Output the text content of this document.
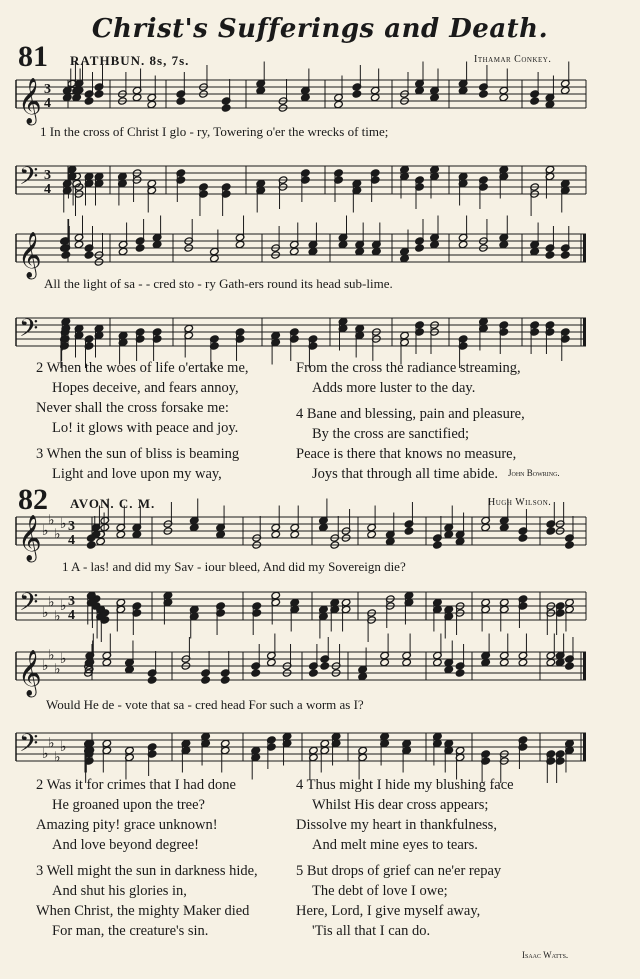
Christ's Sufferings and Death.
81 RATHBUN. 8s, 7s.	Ithamar Conkey.
𝄞 3
4
𝄢 3
4
𝄞
𝄢
𝄞 ♭
♭
♭
♭ 3
4
𝄢 ♭
♭
♭
♭ 3
4
𝄞 ♭
♭
♭
♭
𝄢 ♭
♭
♭
♭
1 In the cross of Christ I glo - ry, Towering o'er the wrecks of time;
All the light of sa - - cred sto - ry Gath-ers round its head sub-lime.
2 When the woes of life o'ertake me,
Hopes deceive, and fears annoy,
Never shall the cross forsake me:
Lo! it glows with peace and joy.
3 When the sun of bliss is beaming
Light and love upon my way,
From the cross the radiance streaming,
Adds more luster to the day.
4 Bane and blessing, pain and pleasure,
By the cross are sanctified;
Peace is there that knows no measure,
Joys that through all time abide.	John Bowring.
82 AVON. C. M.	Hugh Wilson.
1 A - las! and did my Sav - iour bleed, And did my Sovereign die?
Would He de - vote that sa - cred head For such a worm as I?
2 Was it for crimes that I had done
He groaned upon the tree?
Amazing pity! grace unknown!
And love beyond degree!
3 Well might the sun in darkness hide,
And shut his glories in,
When Christ, the mighty Maker died
For man, the creature's sin.
4 Thus might I hide my blushing face
Whilst His dear cross appears;
Dissolve my heart in thankfulness,
And melt mine eyes to tears.
5 But drops of grief can ne'er repay
The debt of love I owe;
Here, Lord, I give myself away,
'Tis all that I can do.
Isaac Watts.
